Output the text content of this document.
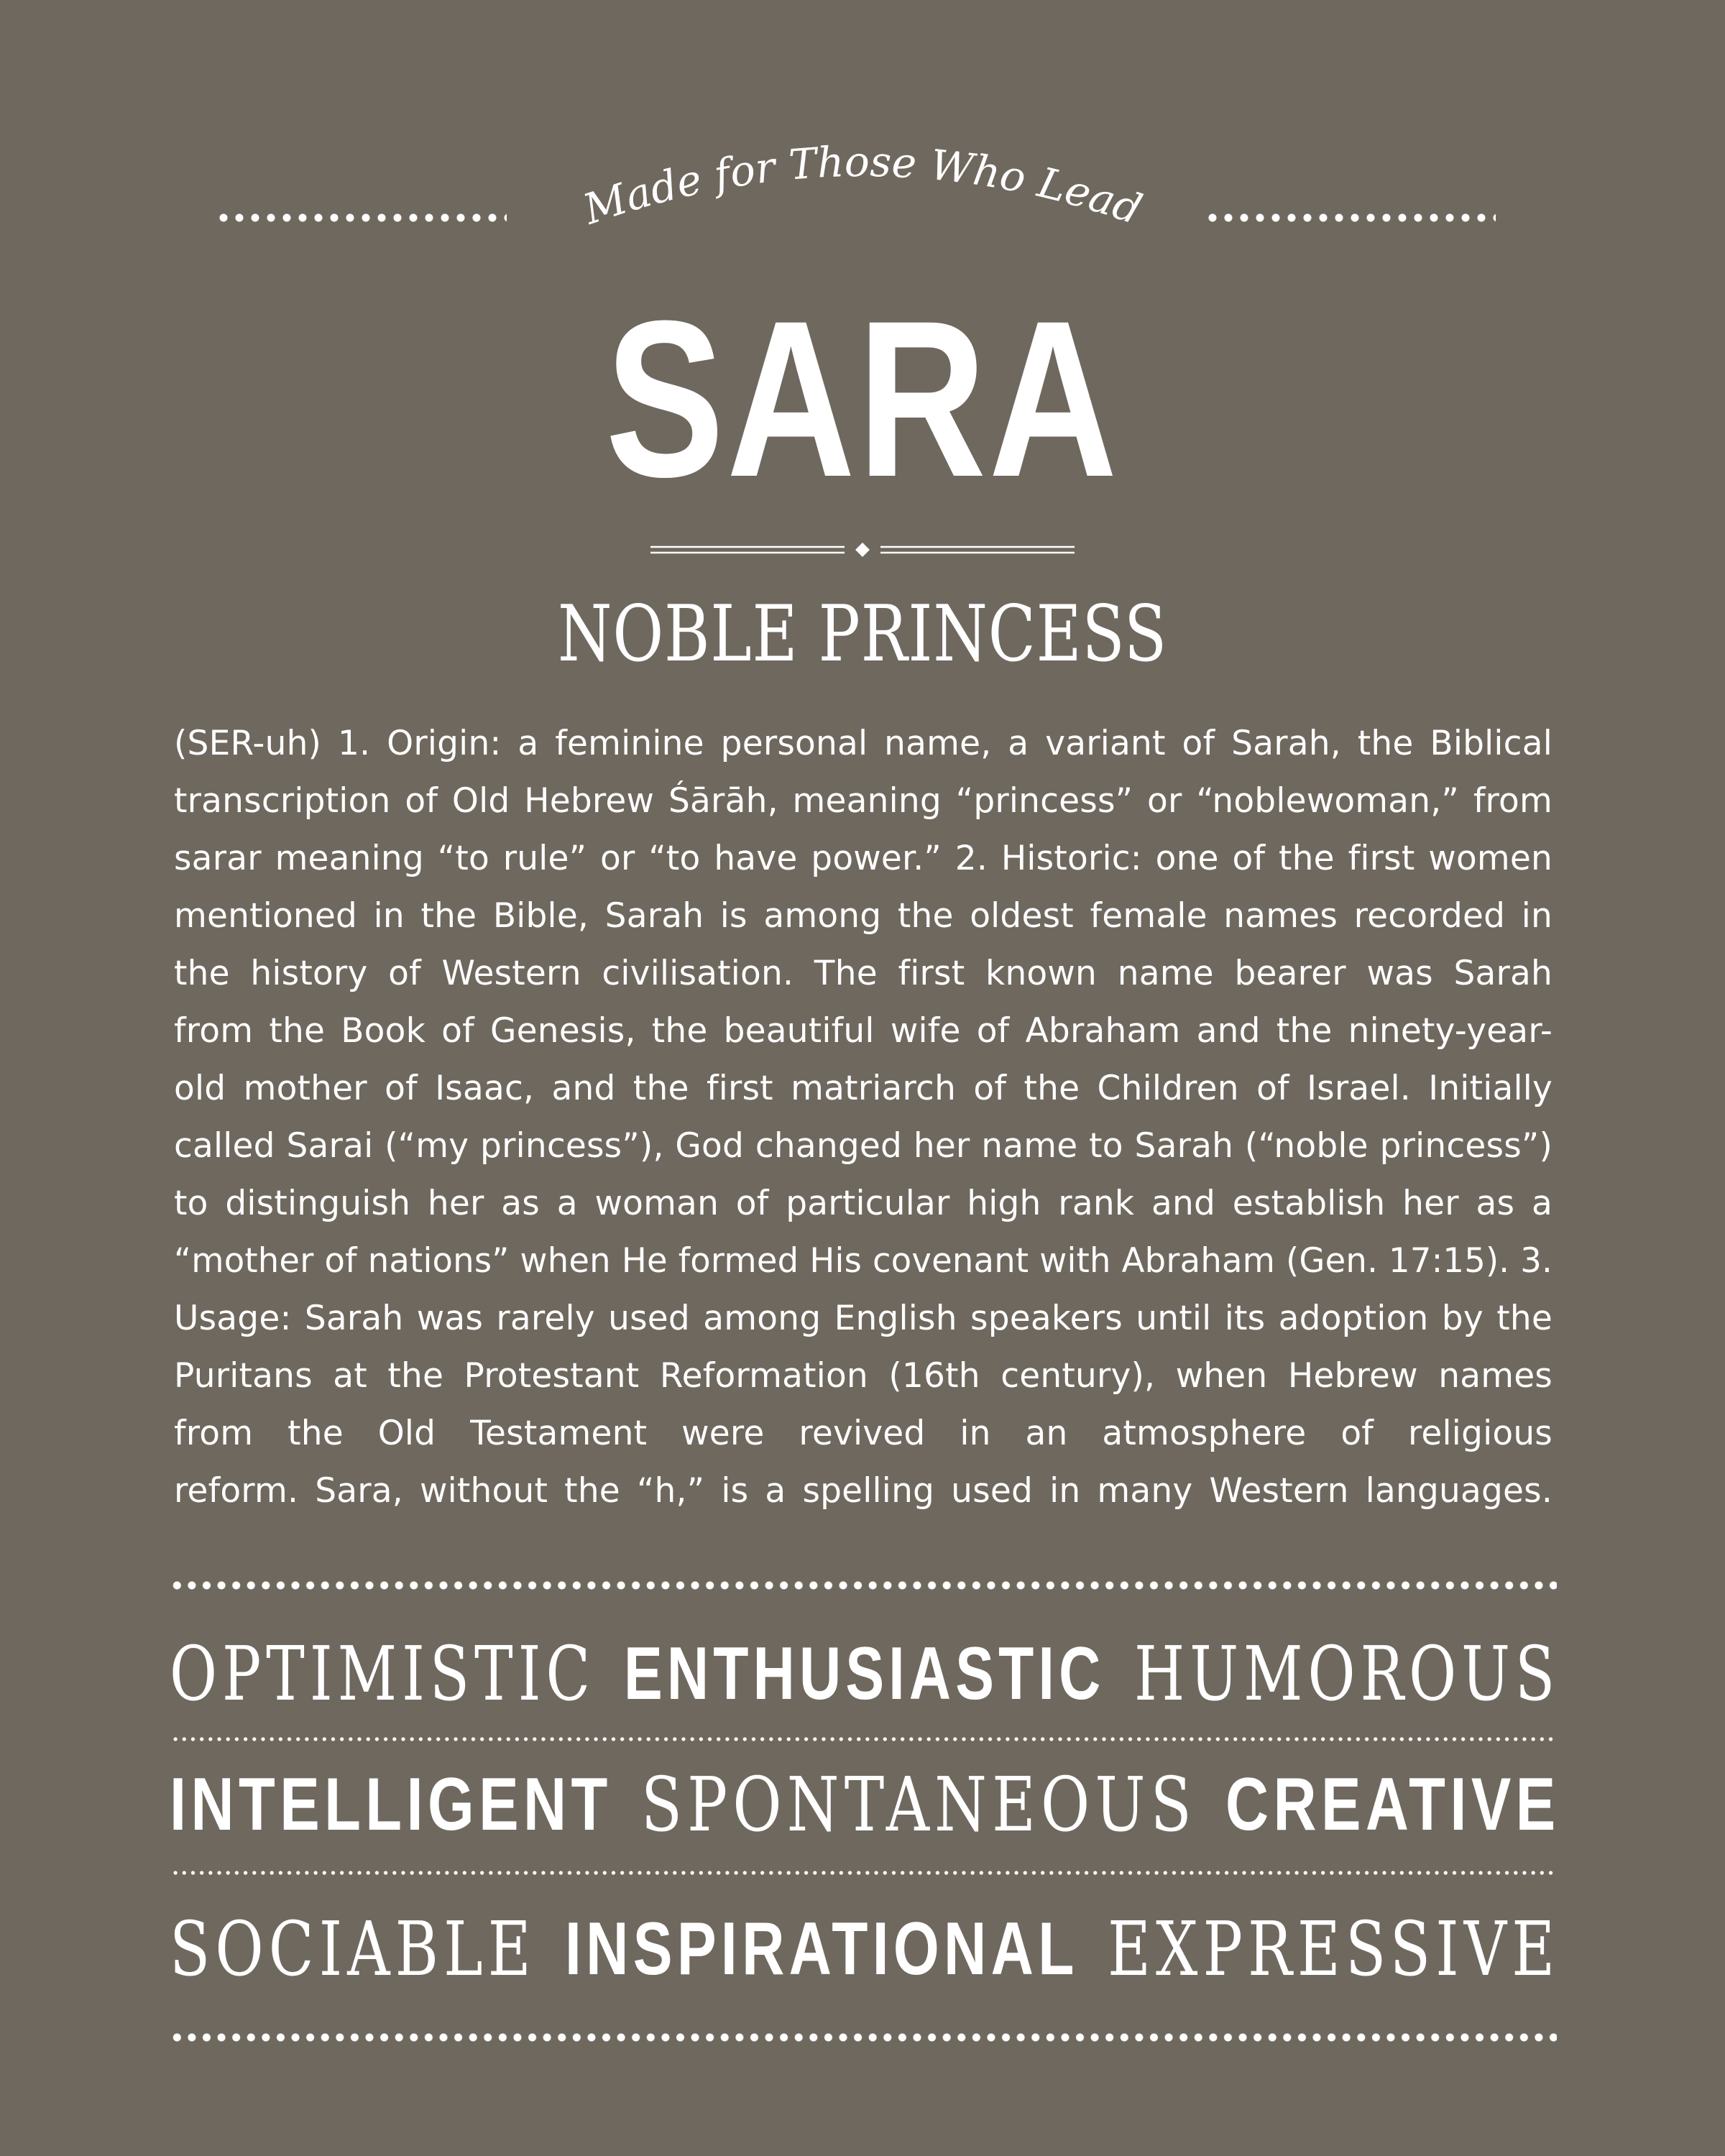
Made for Those Who Lead
SARA
NOBLE PRINCESS
(SER-uh) 1. Origin: a feminine personal name, a variant of Sarah, the Biblical
transcription of Old Hebrew Śārāh, meaning “princess” or “noblewoman,” from
sarar meaning “to rule” or “to have power.” 2. Historic: one of the first women
mentioned in the Bible, Sarah is among the oldest female names recorded in
the history of Western civilisation. The first known name bearer was Sarah
from the Book of Genesis, the beautiful wife of Abraham and the ninety-year-
old mother of Isaac, and the first matriarch of the Children of Israel. Initially
called Sarai (“my princess”), God changed her name to Sarah (“noble princess”)
to distinguish her as a woman of particular high rank and establish her as a
“mother of nations” when He formed His covenant with Abraham (Gen. 17:15). 3.
Usage: Sarah was rarely used among English speakers until its adoption by the
Puritans at the Protestant Reformation (16th century), when Hebrew names
from the Old Testament were revived in an atmosphere of religious
reform. Sara, without the “h,” is a spelling used in many Western languages.
OPTIMISTIC ENTHUSIASTIC HUMOROUS
INTELLIGENT SPONTANEOUS CREATIVE
SOCIABLE INSPIRATIONAL EXPRESSIVE
